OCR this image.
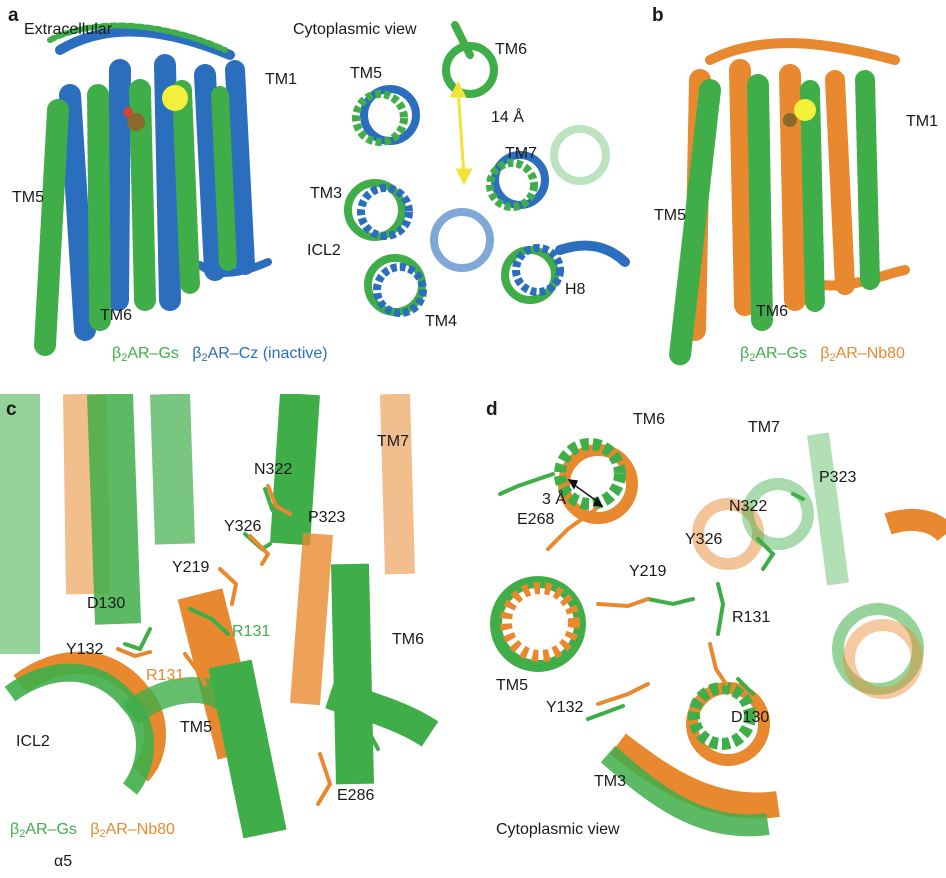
a
Extracellular	Cytoplasmic view
TM1
TM5
TM6
TM6
TM5
14 Å
TM7
TM3
ICL2
H8
TM4
$\beta_2AR-Gs$ $\beta_2AR-Cz$ (inactive)
b
TM1
TM5
TM6
$\beta_2AR-Gs$ $\beta_2AR-Nb80$
c
TM7
N322
P323
Y326
Y219
D130
R131
Y132
R131
TM6
ICL2
TM5
E286
$\beta_2AR-Gs$ $\beta_2AR-Nb80$
α5
d	TM6	TM7
P323
N322
3 Å
E268
Y326
Y219
R131
TM5
Y132
D130
TM3
Cytoplasmic view
